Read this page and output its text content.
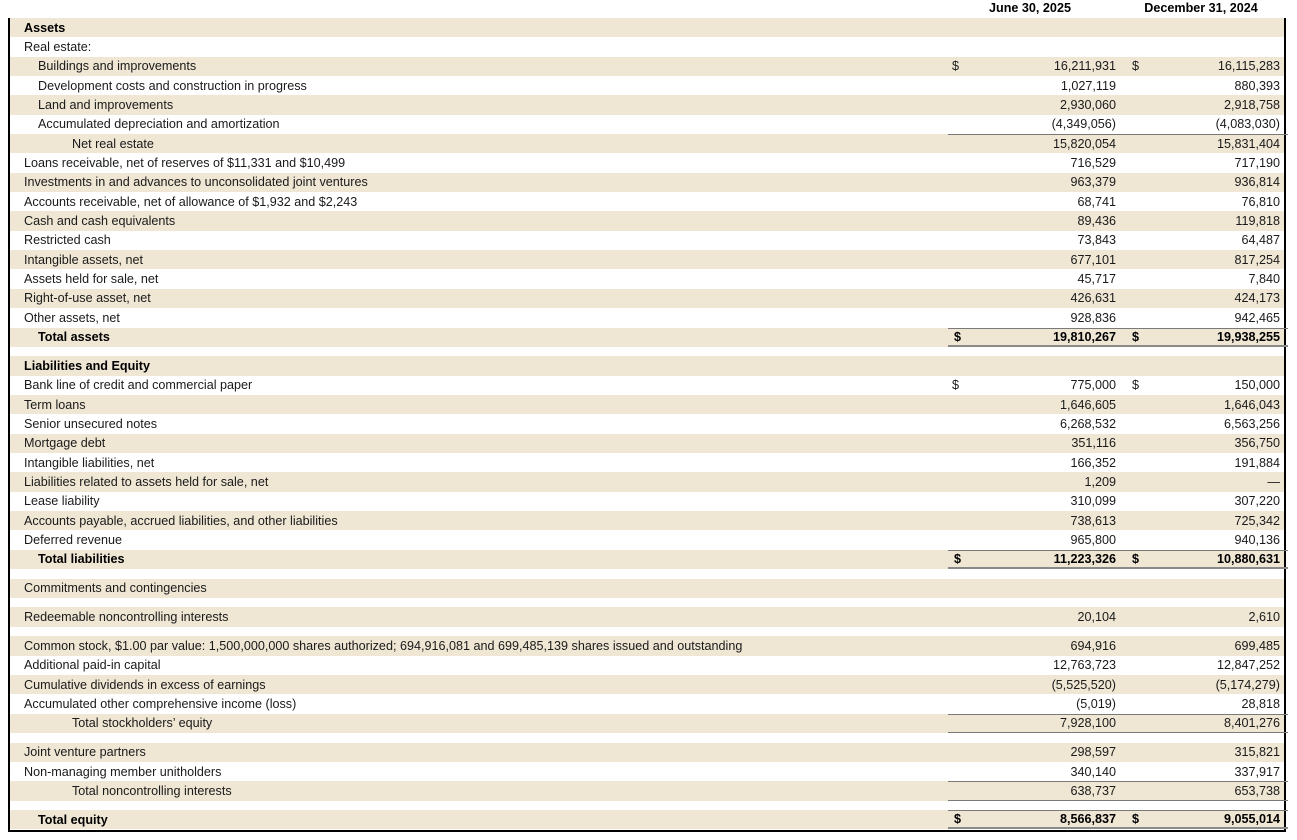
June 30, 2025	December 31, 2024
Assets
Real estate:
Buildings and improvements	$	16,211,931	$	16,115,283
Development costs and construction in progress	1,027,119	880,393
Land and improvements	2,930,060	2,918,758
Accumulated depreciation and amortization	(4,349,056)	(4,083,030)
Net real estate	15,820,054	15,831,404
Loans receivable, net of reserves of $11,331 and $10,499	716,529	717,190
Investments in and advances to unconsolidated joint ventures	963,379	936,814
Accounts receivable, net of allowance of $1,932 and $2,243	68,741	76,810
Cash and cash equivalents	89,436	119,818
Restricted cash	73,843	64,487
Intangible assets, net	677,101	817,254
Assets held for sale, net	45,717	7,840
Right-of-use asset, net	426,631	424,173
Other assets, net	928,836	942,465
Total assets	$	19,810,267	$	19,938,255
Liabilities and Equity
Bank line of credit and commercial paper	$	775,000	$	150,000
Term loans	1,646,605	1,646,043
Senior unsecured notes	6,268,532	6,563,256
Mortgage debt	351,116	356,750
Intangible liabilities, net	166,352	191,884
Liabilities related to assets held for sale, net	1,209	—
Lease liability	310,099	307,220
Accounts payable, accrued liabilities, and other liabilities	738,613	725,342
Deferred revenue	965,800	940,136
Total liabilities	$	11,223,326	$	10,880,631
Commitments and contingencies
Redeemable noncontrolling interests	20,104	2,610
Common stock, $1.00 par value: 1,500,000,000 shares authorized; 694,916,081 and 699,485,139 shares issued and outstanding	694,916	699,485
Additional paid-in capital	12,763,723	12,847,252
Cumulative dividends in excess of earnings	(5,525,520)	(5,174,279)
Accumulated other comprehensive income (loss)	(5,019)	28,818
Total stockholders’ equity	7,928,100	8,401,276
Joint venture partners	298,597	315,821
Non-managing member unitholders	340,140	337,917
Total noncontrolling interests	638,737	653,738
Total equity	$	8,566,837	$	9,055,014
